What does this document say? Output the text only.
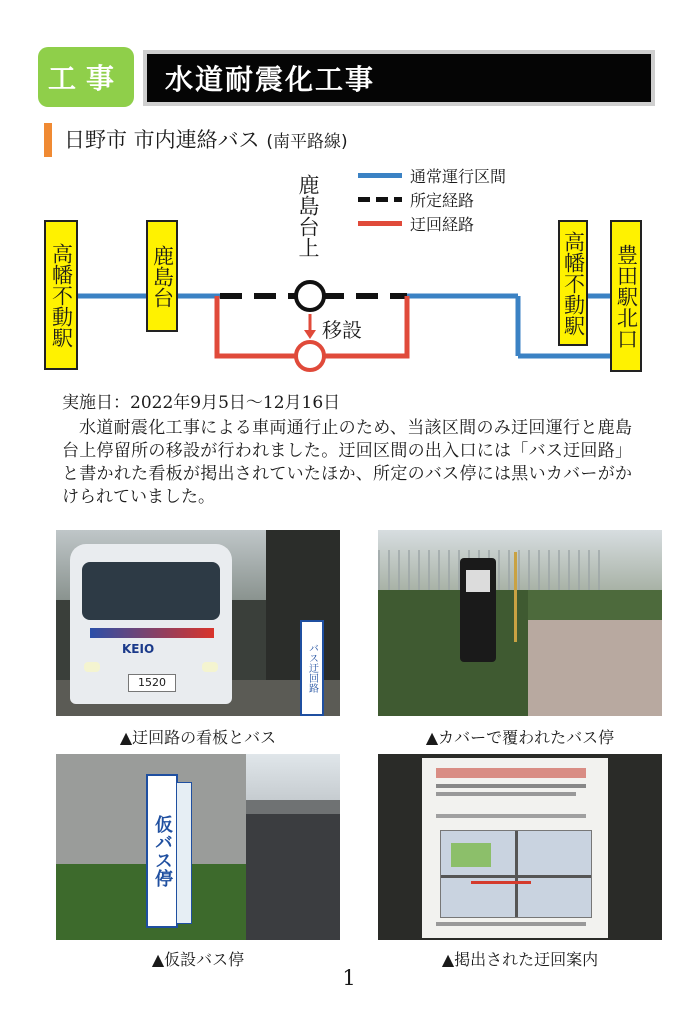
工事	水道耐震化工事
日野市 市内連絡バス (南平路線)
通常運行区間
所定経路
迂回経路
鹿島台上
移設
高幡不動駅	鹿島台	高幡不動駅 豊田駅北口

実施日：2022年9月5日～12月16日

水道耐震化工事による車両通行止のため、当該区間のみ迂回運行と鹿島台上停留所の移設が行われました。迂回区間の出入口には「バス迂回路」と書かれた看板が掲出されていたほか、所定のバス停には黒いカバーがかけられていました。

KEIO
1520	バス迂回路
▲迂回路の看板とバス	▲カバーで覆われたバス停
仮バス停
▲仮設バス停	▲掲出された迂回案内
1
